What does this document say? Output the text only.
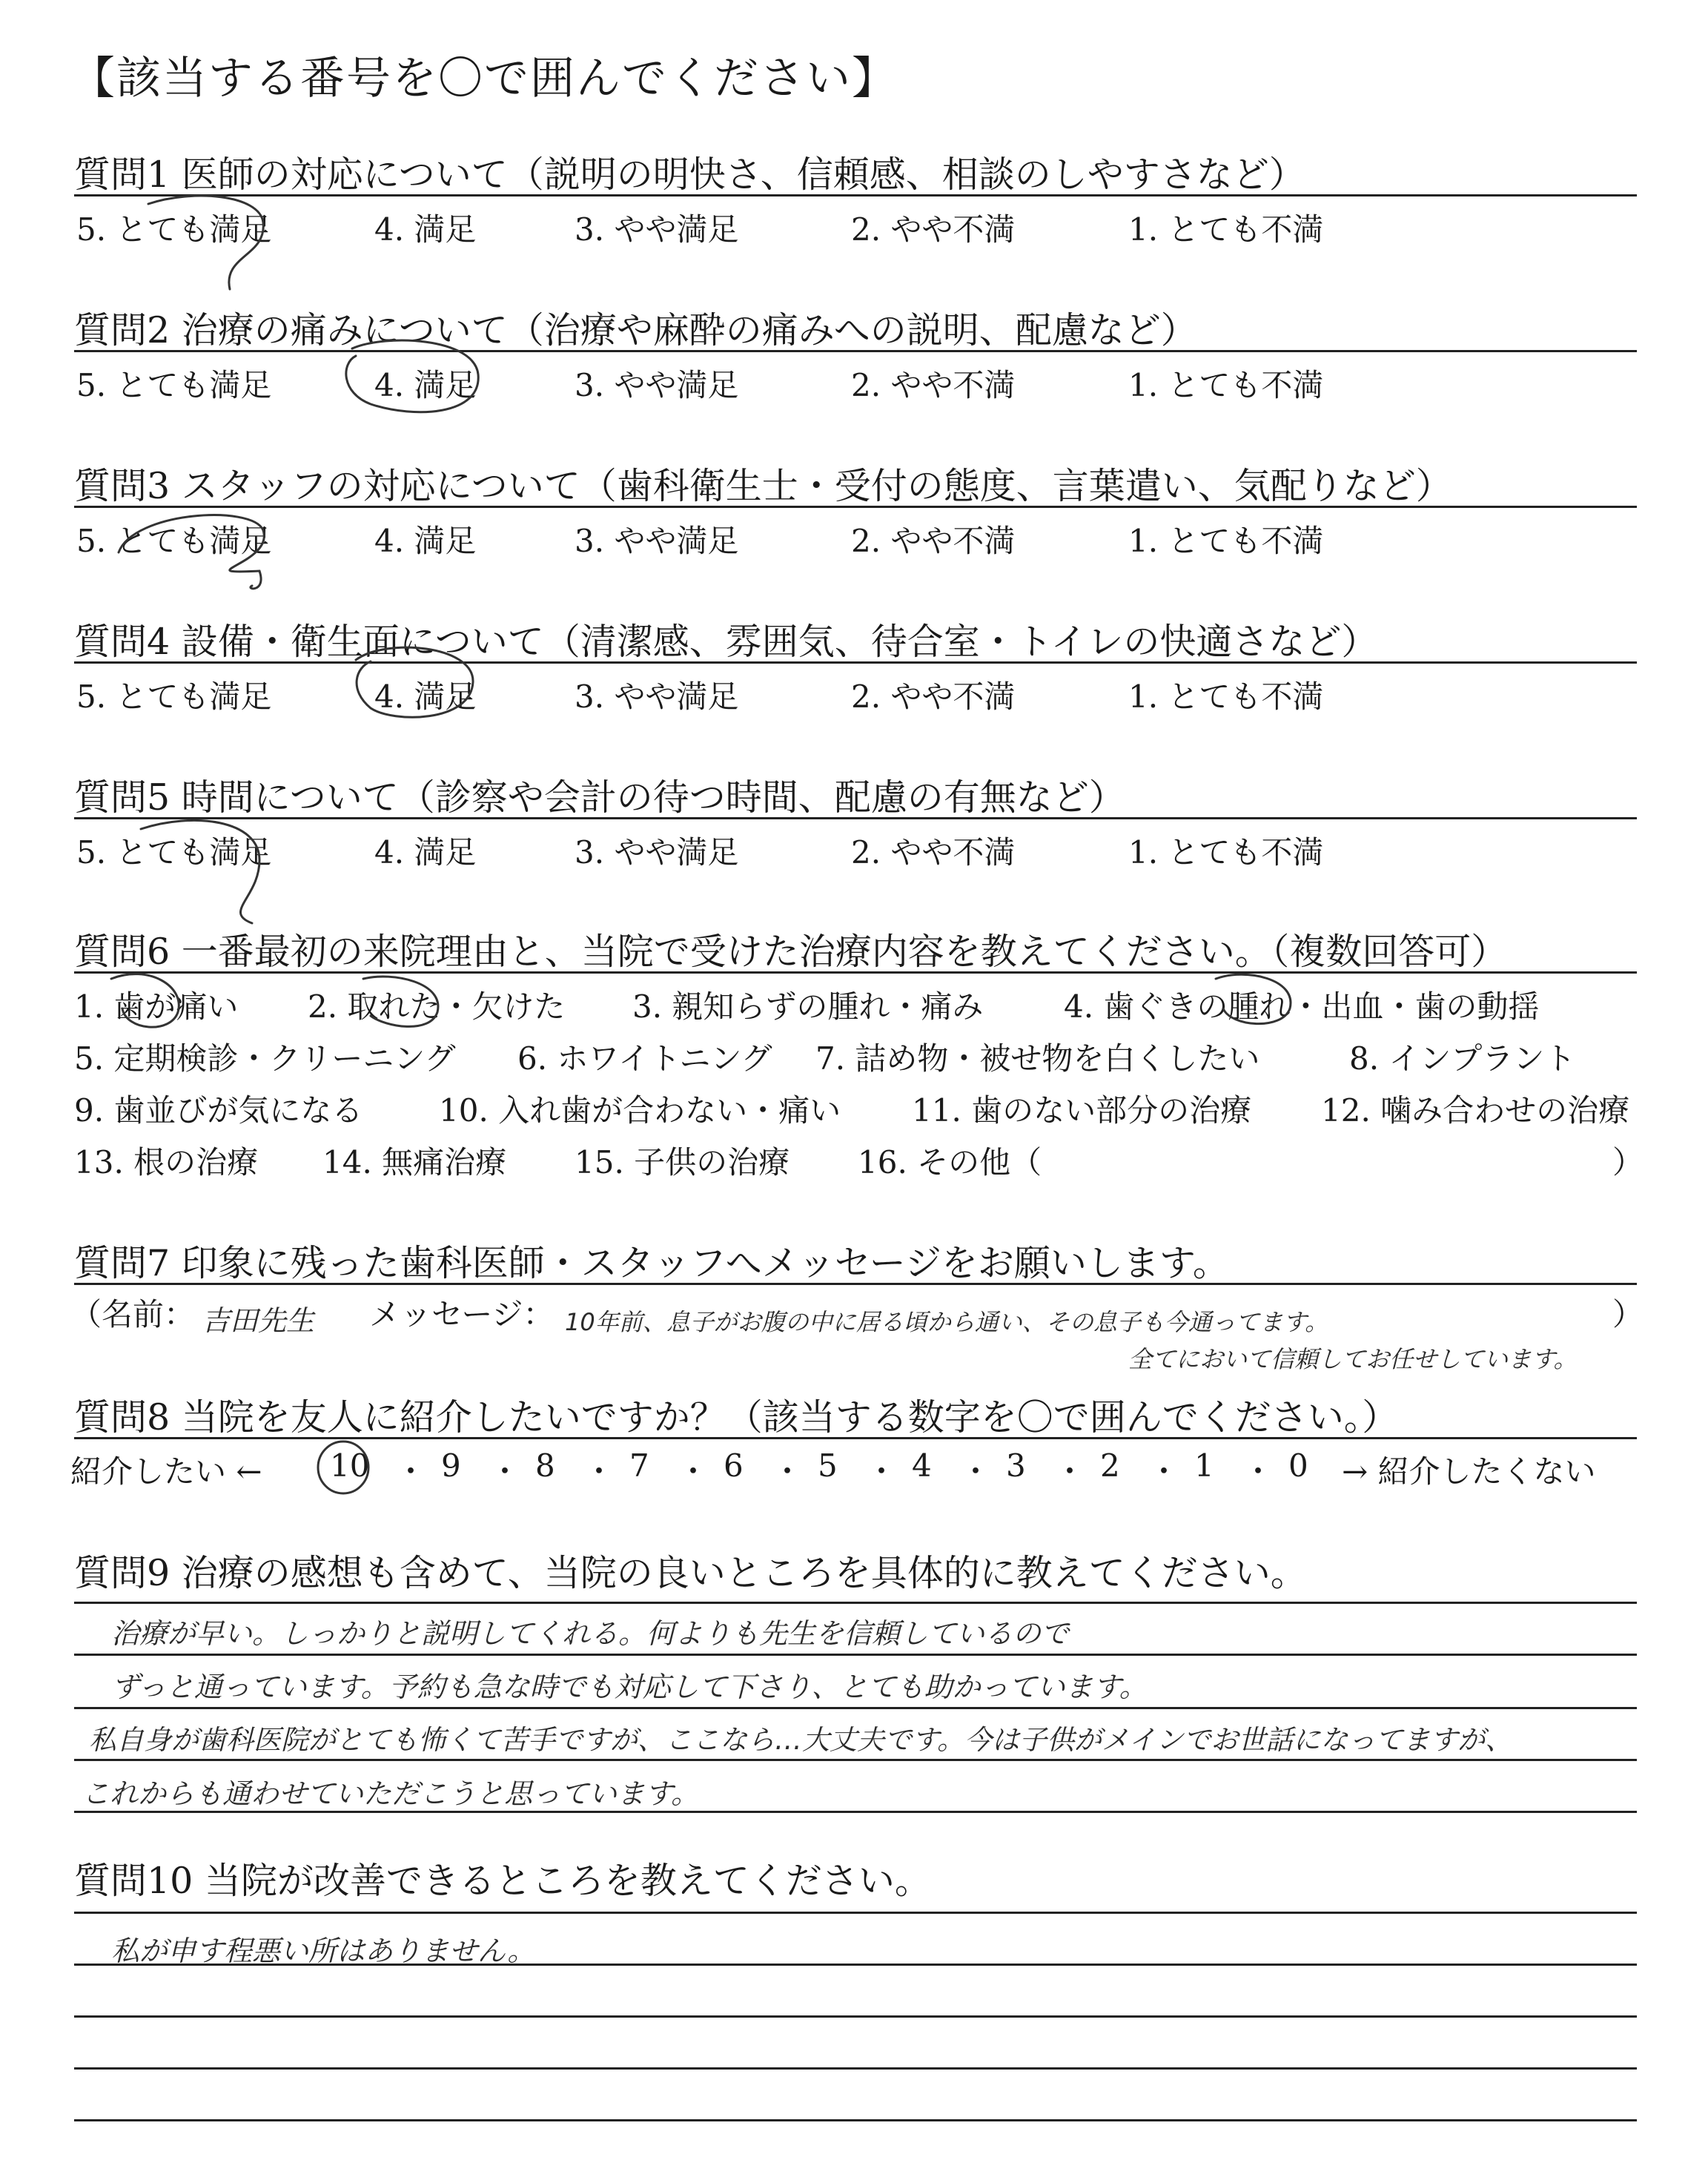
【該当する番号を〇で囲んでください】
質問1 医師の対応について（説明の明快さ、信頼感、相談のしやすさなど）
5. とても満足	4. 満足	3. やや満足	2. やや不満	1. とても不満
質問2 治療の痛みについて（治療や麻酔の痛みへの説明、配慮など）
5. とても満足	4. 満足	3. やや満足	2. やや不満	1. とても不満
質問3 スタッフの対応について（歯科衛生士・受付の態度、言葉遣い、気配りなど）
5. とても満足	4. 満足	3. やや満足	2. やや不満	1. とても不満
質問4 設備・衛生面について（清潔感、雰囲気、待合室・トイレの快適さなど）
5. とても満足	4. 満足	3. やや満足	2. やや不満	1. とても不満
質問5 時間について（診察や会計の待つ時間、配慮の有無など）
5. とても満足	4. 満足	3. やや満足	2. やや不満	1. とても不満
質問6 一番最初の来院理由と、当院で受けた治療内容を教えてください。（複数回答可）
1. 歯が痛い 2. 取れた・欠けた 3. 親知らずの腫れ・痛み	4. 歯ぐきの腫れ・出血・歯の動揺
5. 定期検診・クリーニング 6. ホワイトニング 7. 詰め物・被せ物を白くしたい	8. インプラント
9. 歯並びが気になる 10. 入れ歯が合わない・痛い 11. 歯のない部分の治療 12. 噛み合わせの治療
13. 根の治療 14. 無痛治療 15. 子供の治療 16. その他（	）
質問7 印象に残った歯科医師・スタッフへメッセージをお願いします。
（名前： 吉田先生 メッセージ： 10年前、息子がお腹の中に居る頃から通い、その息子も今通ってます。
全てにおいて信頼してお任せしています。
）
質問8 当院を友人に紹介したいですか？（該当する数字を〇で囲んでください。）
紹介したい ← 10 ・ 9 ・ 8 ・ 7 ・ 6 ・ 5 ・ 4 ・ 3 ・ 2 ・ 1 ・ 0 → 紹介したくない
質問9 治療の感想も含めて、当院の良いところを具体的に教えてください。
治療が早い。しっかりと説明してくれる。何よりも先生を信頼しているので
ずっと通っています。予約も急な時でも対応して下さり、とても助かっています。
私自身が歯科医院がとても怖くて苦手ですが、ここなら…大丈夫です。今は子供がメインでお世話になってますが、
これからも通わせていただこうと思っています。
質問10 当院が改善できるところを教えてください。
私が申す程悪い所はありません。
